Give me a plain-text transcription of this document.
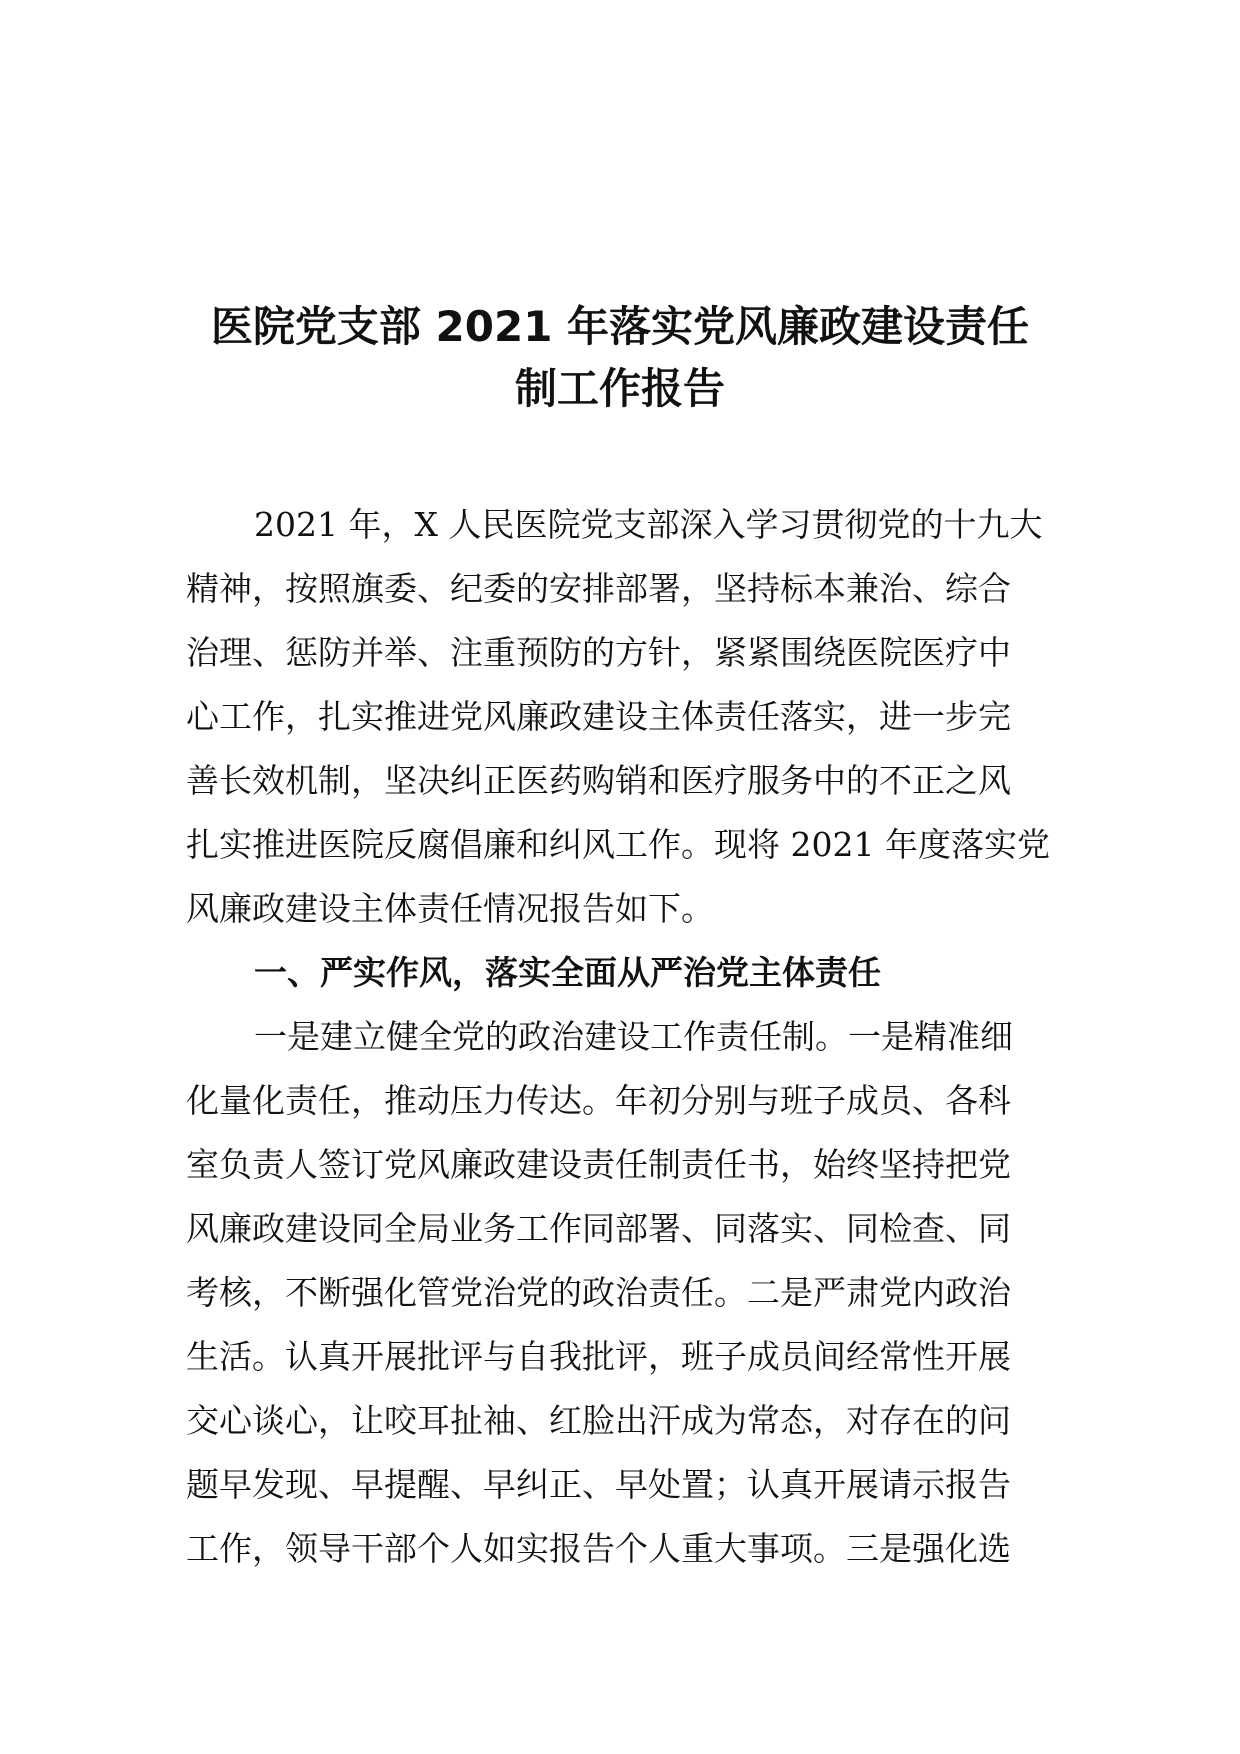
医院党支部 2021 年落实党风廉政建设责任
制工作报告
2021 年，X 人民医院党支部深入学习贯彻党的十九大
精神，按照旗委、纪委的安排部署，坚持标本兼治、综合
治理、惩防并举、注重预防的方针，紧紧围绕医院医疗中
心工作，扎实推进党风廉政建设主体责任落实，进一步完
善长效机制，坚决纠正医药购销和医疗服务中的不正之风
扎实推进医院反腐倡廉和纠风工作。现将 2021 年度落实党
风廉政建设主体责任情况报告如下。
一、严实作风，落实全面从严治党主体责任
一是建立健全党的政治建设工作责任制。一是精准细
化量化责任，推动压力传达。年初分别与班子成员、各科
室负责人签订党风廉政建设责任制责任书，始终坚持把党
风廉政建设同全局业务工作同部署、同落实、同检查、同
考核，不断强化管党治党的政治责任。二是严肃党内政治
生活。认真开展批评与自我批评，班子成员间经常性开展
交心谈心，让咬耳扯袖、红脸出汗成为常态，对存在的问
题早发现、早提醒、早纠正、早处置；认真开展请示报告
工作，领导干部个人如实报告个人重大事项。三是强化选
